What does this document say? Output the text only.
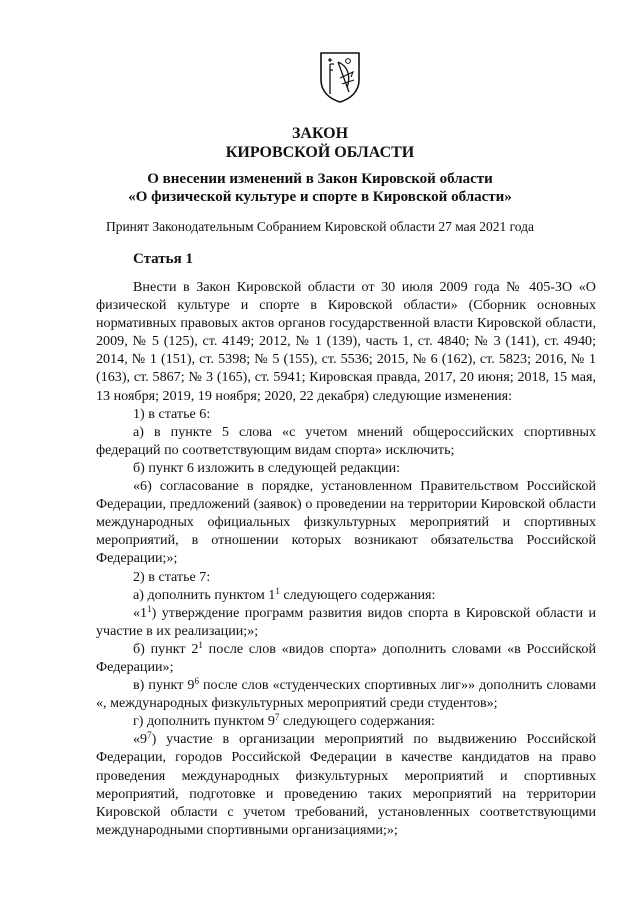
ЗАКОН
КИРОВСКОЙ ОБЛАСТИ
О внесении изменений в Закон Кировской области
«О физической культуре и спорте в Кировской области»
Принят Законодательным Собранием Кировской области 27 мая 2021 года
Статья 1

Внести в Закон Кировской области от 30 июля 2009 года № 405-ЗО «О физической культуре и спорте в Кировской области» (Сборник основных нормативных правовых актов органов государственной власти Кировской области, 2009, № 5 (125), ст. 4149; 2012, № 1 (139), часть 1, ст. 4840; № 3 (141), ст. 4940; 2014, № 1 (151), ст. 5398; № 5 (155), ст. 5536; 2015, № 6 (162), ст. 5823; 2016, № 1 (163), ст. 5867; № 3 (165), ст. 5941; Кировская правда, 2017, 20 июня; 2018, 15 мая, 13 ноября; 2019, 19 ноября; 2020, 22 декабря) следующие изменения:

1) в статье 6:

а) в пункте 5 слова «с учетом мнений общероссийских спортивных федераций по соответствующим видам спорта» исключить;

б) пункт 6 изложить в следующей редакции:

«6) согласование в порядке, установленном Правительством Российской Федерации, предложений (заявок) о проведении на территории Кировской области международных официальных физкультурных мероприятий и спортивных мероприятий, в отношении которых возникают обязательства Российской Федерации;»;

2) в статье 7:

а) дополнить пунктом $1^1$ следующего содержания:

«$1^1$) утверждение программ развития видов спорта в Кировской области и участие в их реализации;»;

б) пункт $2^1$ после слов «видов спорта» дополнить словами «в Российской Федерации»;

в) пункт $9^6$ после слов «студенческих спортивных лиг»» дополнить словами «, международных физкультурных мероприятий среди студентов»;

г) дополнить пунктом $9^7$ следующего содержания:

«$9^7$) участие в организации мероприятий по выдвижению Российской Федерации, городов Российской Федерации в качестве кандидатов на право проведения международных физкультурных мероприятий и спортивных мероприятий, подготовке и проведению таких мероприятий на территории Кировской области с учетом требований, установленных соответствующими международными спортивными организациями;»;
